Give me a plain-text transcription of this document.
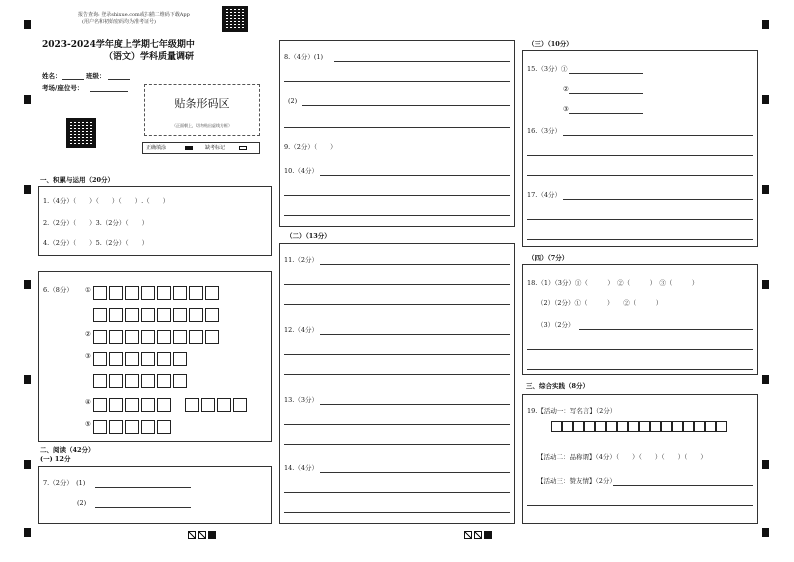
报告查询: 登录shixue.com或扫描二维码下载App
(用户名和初始密码均为准考证号)
2023-2024学年度上学期七年级期中
（语文）学科质量调研
姓名：	班级：
考场/座位号：
贴条形码区
（正面朝上，切勿贴出虚线方框）
正确填涂	缺考标记
一、积累与运用（20分）
1.（4分）（　　）（　　）（　　）.（　　）
2.（2分）（　　）3.（2分）（　　）
4.（2分）（　　）5.（2分）（　　）
6.（8分） ①
②
③
④
⑤
二、阅读（42分）
(一) 12分
7.（2分）　(1)
(2)
8.（4分）(1)
(2)
9.（2分）（　　）
10.（4分）
（二）（13分）
11.（2分）
12.（4分）
13.（3分）
14.（4分）
（三）（10分）
15.（3分）①
②
③
16.（3分）
17.（4分）
（四）（7分）
18.（1）（3分）①（　　　）　②（　　　）　③（　　　）
（2）（2分）①（　　　）　　②（　　　）
（3）（2分）
三、综合实践（8分）
19.【活动一：写名言】（2分）
【活动二：品称谓】（4分）（　　）（　　）（　　）（　　）
【活动三：赞友情】（2分）
